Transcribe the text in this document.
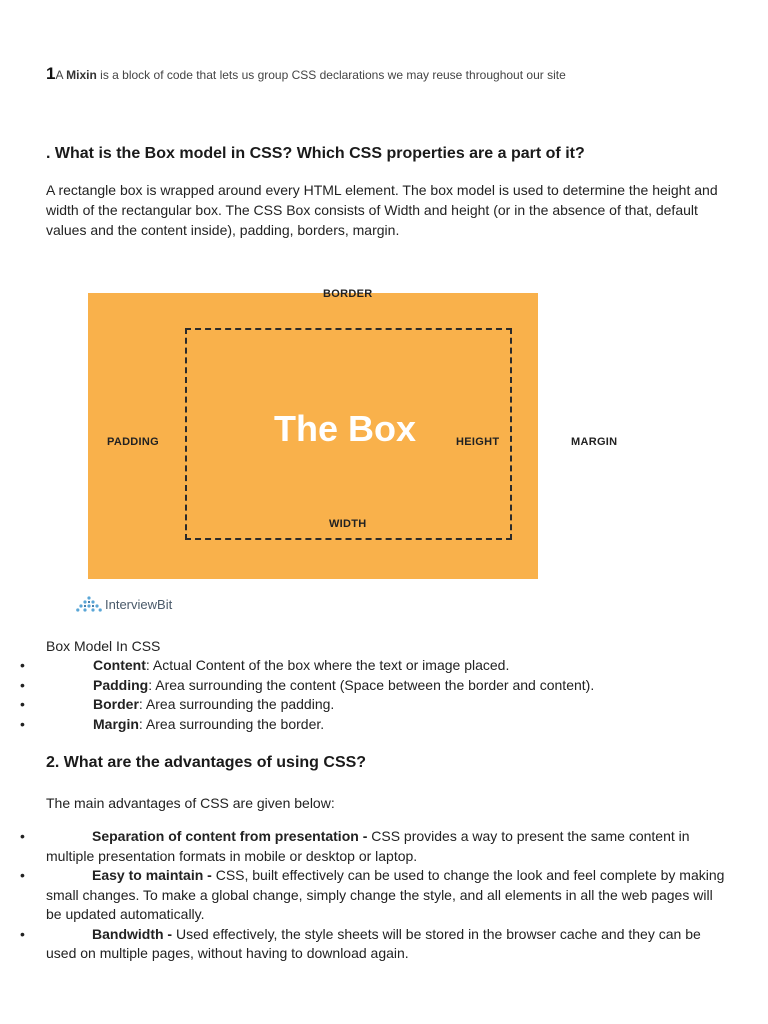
1A Mixin is a block of code that lets us group CSS declarations we may reuse throughout our site
. What is the Box model in CSS? Which CSS properties are a part of it?
A rectangle box is wrapped around every HTML element. The box model is used to determine the height and width of the rectangular box. The CSS Box consists of Width and height (or in the absence of that, default values and the content inside), padding, borders, margin.
BORDER
PADDING	HEIGHT
WIDTH
MARGIN
The Box
InterviewBit
Box Model In CSS
•	Content: Actual Content of the box where the text or image placed.
•	Padding: Area surrounding the content (Space between the border and content).
•	Border: Area surrounding the padding.
•	Margin: Area surrounding the border.
2. What are the advantages of using CSS?
The main advantages of CSS are given below:
•	Separation of content from presentation - CSS provides a way to present the same content in multiple presentation formats in mobile or desktop or laptop.
•	Easy to maintain - CSS, built effectively can be used to change the look and feel complete by making small changes. To make a global change, simply change the style, and all elements in all the web pages will be updated automatically.
•	Bandwidth - Used effectively, the style sheets will be stored in the browser cache and they can be used on multiple pages, without having to download again.
